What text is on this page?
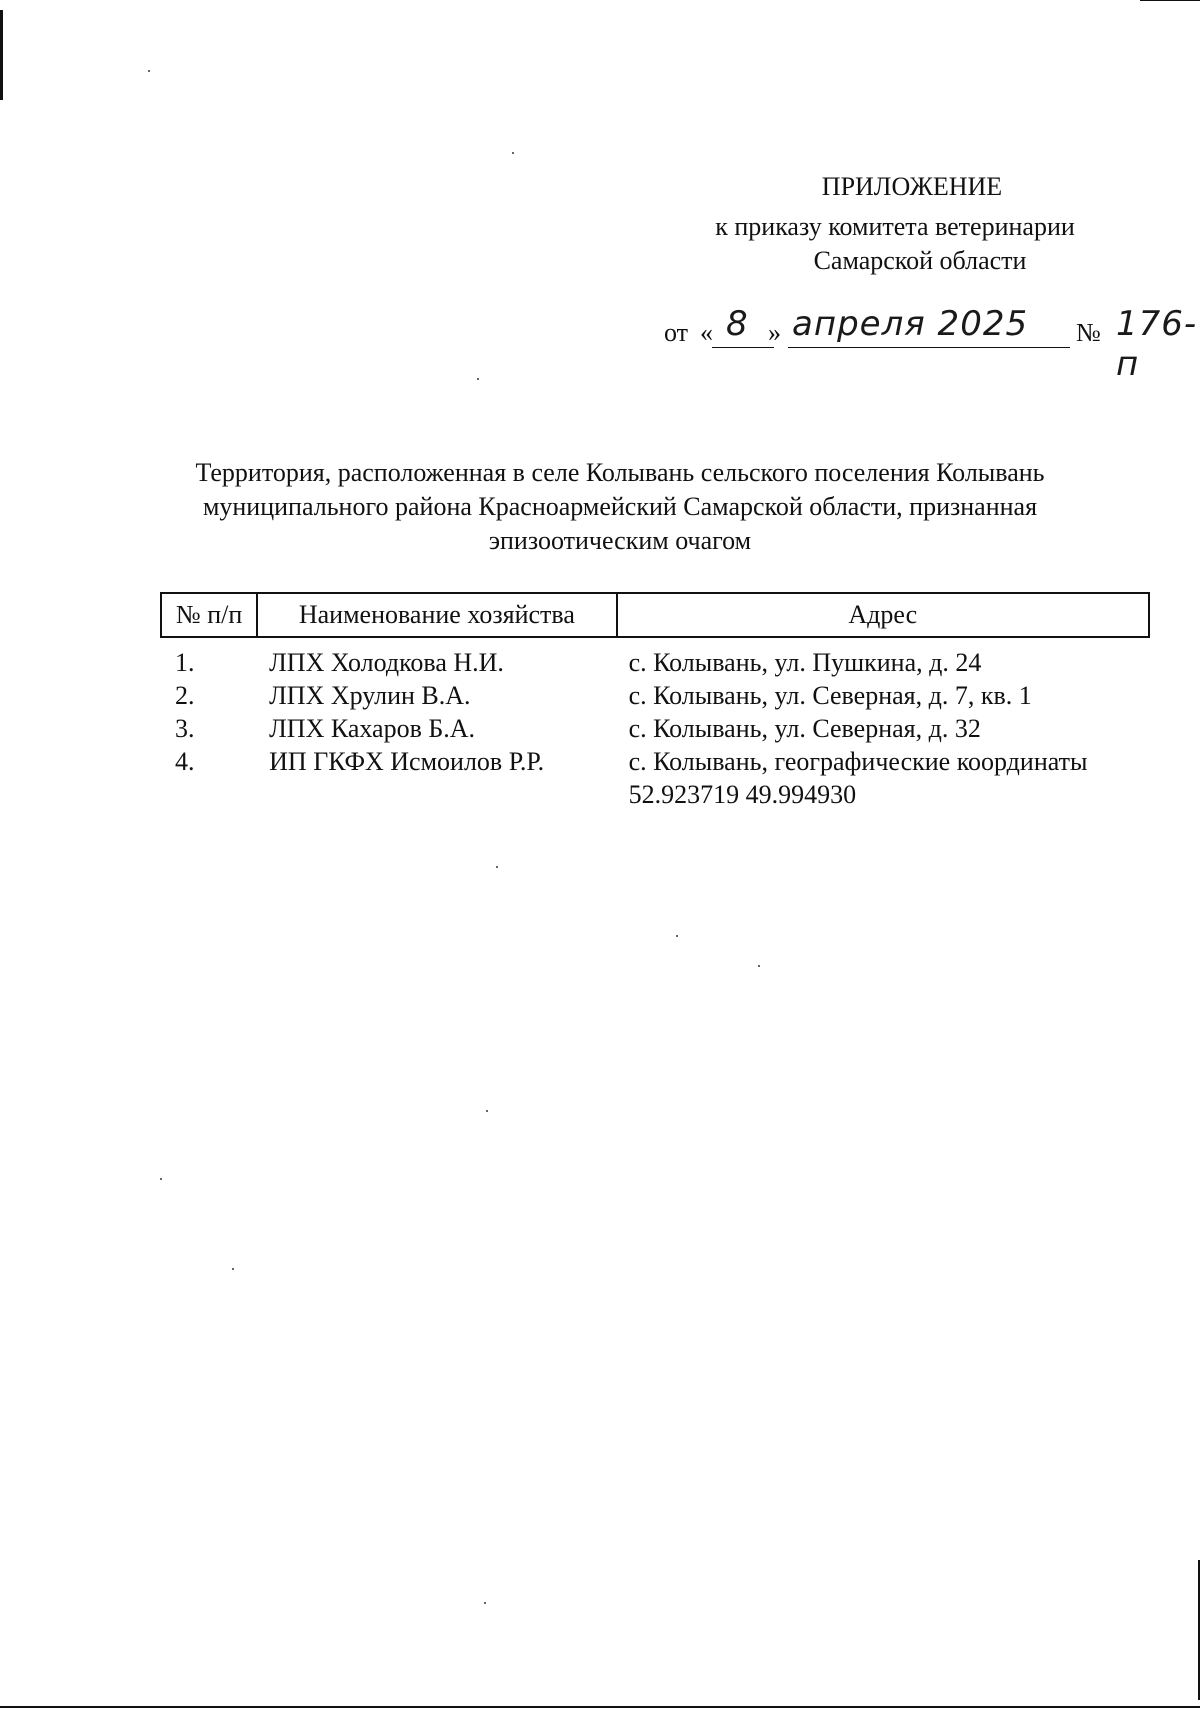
ПРИЛОЖЕНИЕ
к приказу комитета ветеринарии
Самарской области
от « 8 » апреля 2025 № 176-п
Территория, расположенная в селе Колывань сельского поселения Колывань
муниципального района Красноармейский Самарской области, признанная
эпизоотическим очагом
№ п/п	Наименование хозяйства	Адрес
1.	ЛПХ Холодкова Н.И.	с. Колывань, ул. Пушкина, д. 24
2.	ЛПХ Хрулин В.А.	с. Колывань, ул. Северная, д. 7, кв. 1
3.	ЛПХ Кахаров Б.А.	с. Колывань, ул. Северная, д. 32
4.	ИП ГКФХ Исмоилов Р.Р.	с. Колывань, географические координаты 52.923719 49.994930
